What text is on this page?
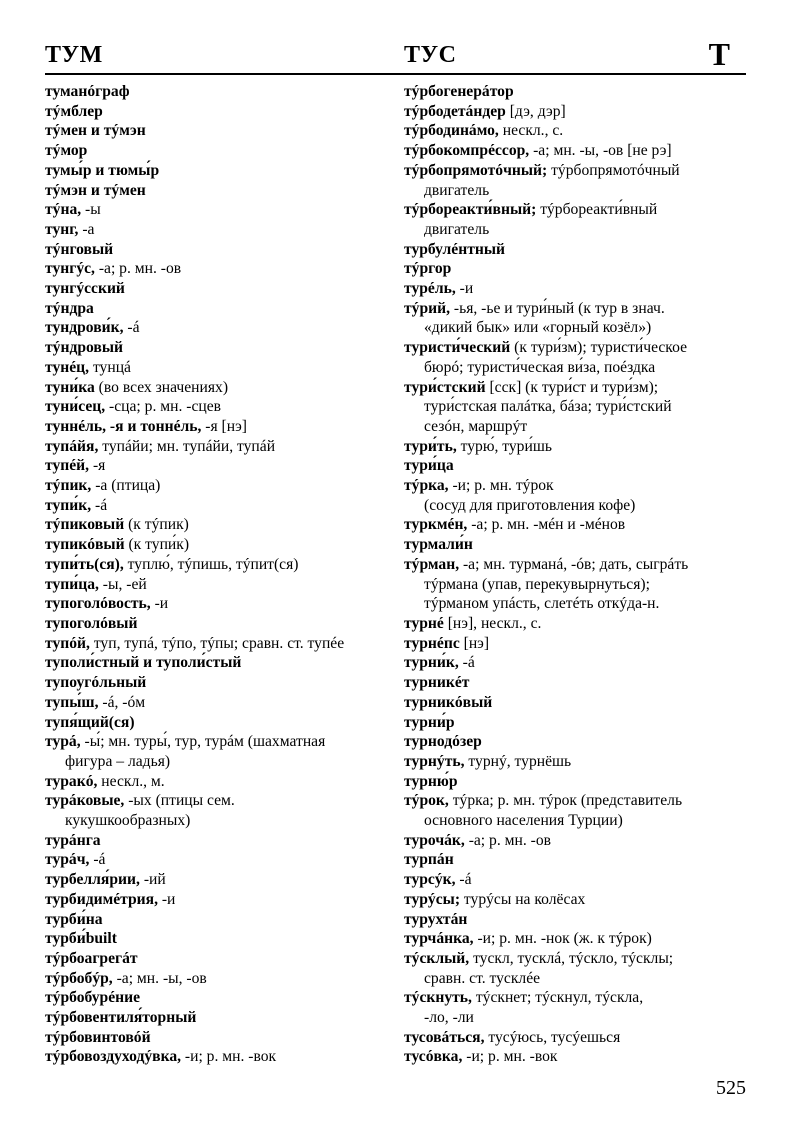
ТУМ	ТУС	Т
туманóграф
тýмблер
тýмен и тýмэн
тýмор
тумы́р и тюмы́р
тýмэн и тýмен
тýна, -ы
тунг, -а
тýнговый
тунгýс, -а; р. мн. -ов
тунгýсский
тýндра
тундрови́к, -á
тýндровый
тунéц, тунцá
туни́ка (во всех значениях)
туни́сец, -сца; р. мн. -сцев
туннéль, -я и тоннéль, -я [нэ]
тупáйя, тупáйи; мн. тупáйи, тупáй
тупéй, -я
тýпик, -а (птица)
тупи́к, -á
тýпиковый (к тýпик)
тупикóвый (к тупи́к)
тупи́ть(ся), туплю́, тýпишь, тýпит(ся)
тупи́ца, -ы, -ей
тупоголóвость, -и
тупоголóвый
тупóй, туп, тупá, тýпо, тýпы; сравн. ст. тупéе
туполи́стный и туполи́стый
тупоугóльный
тупы́ш, -á, -óм
тупя́щий(ся)
турá, -ы́; мн. туры́, тур, турáм (шахматная
фигура – ладья)
туракó, нескл., м.
турáковые, -ых (птицы сем.
кукушкообразных)
турáнга
турáч, -á
турбелля́рии, -ий
турбидимéтрия, -и
турби́на
турби́built
тýрбоагрегáт
тýрбобýр, -а; мн. -ы, -ов
тýрбобурéние
тýрбовентиля́торный
тýрбовинтовóй
тýрбовоздуходýвка, -и; р. мн. -вок
тýрбогенерáтор
тýрбодетáндер [дэ, дэр]
тýрбодинáмо, нескл., с.
тýрбокомпрéссор, -а; мн. -ы, -ов [не рэ]
тýрбопрямотóчный; тýрбопрямотóчный
двигатель
тýрбореакти́вный; тýрбореакти́вный
двигатель
турбулéнтный
тýргор
турéль, -и
тýрий, -ья, -ье и тури́ный (к тур в знач.
«дикий бык» или «горный козёл»)
туристи́ческий (к тури́зм); туристи́ческое
бюрó; туристи́ческая ви́за, поéздка
тури́стский [сск] (к тури́ст и тури́зм);
тури́стская палáтка, бáза; тури́стский
сезóн, маршрýт
тури́ть, турю́, тури́шь
тури́ца
тýрка, -и; р. мн. тýрок
(сосуд для приготовления кофе)
туркмéн, -а; р. мн. -мéн и -мéнов
турмали́н
тýрман, -а; мн. турманá, -óв; дать, сыгрáть
тýрмана (упав, перекувырнуться);
тýрманом упáсть, слетéть откýда-н.
турнé [нэ], нескл., с.
турнéпс [нэ]
турни́к, -á
турникéт
турникóвый
турни́р
турнодóзер
турнýть, турнý, турнёшь
турню́р
тýрок, тýрка; р. мн. тýрок (представитель
основного населения Турции)
турочáк, -а; р. мн. -ов
турпáн
турсýк, -á
турýсы; турýсы на колёсах
турухтáн
турчáнка, -и; р. мн. -нок (ж. к тýрок)
тýсклый, тускл, тусклá, тýскло, тýсклы;
сравн. ст. тусклéе
тýскнуть, тýскнет; тýскнул, тýскла,
-ло, -ли
тусовáться, тусýюсь, тусýешься
тусóвка, -и; р. мн. -вок
525
